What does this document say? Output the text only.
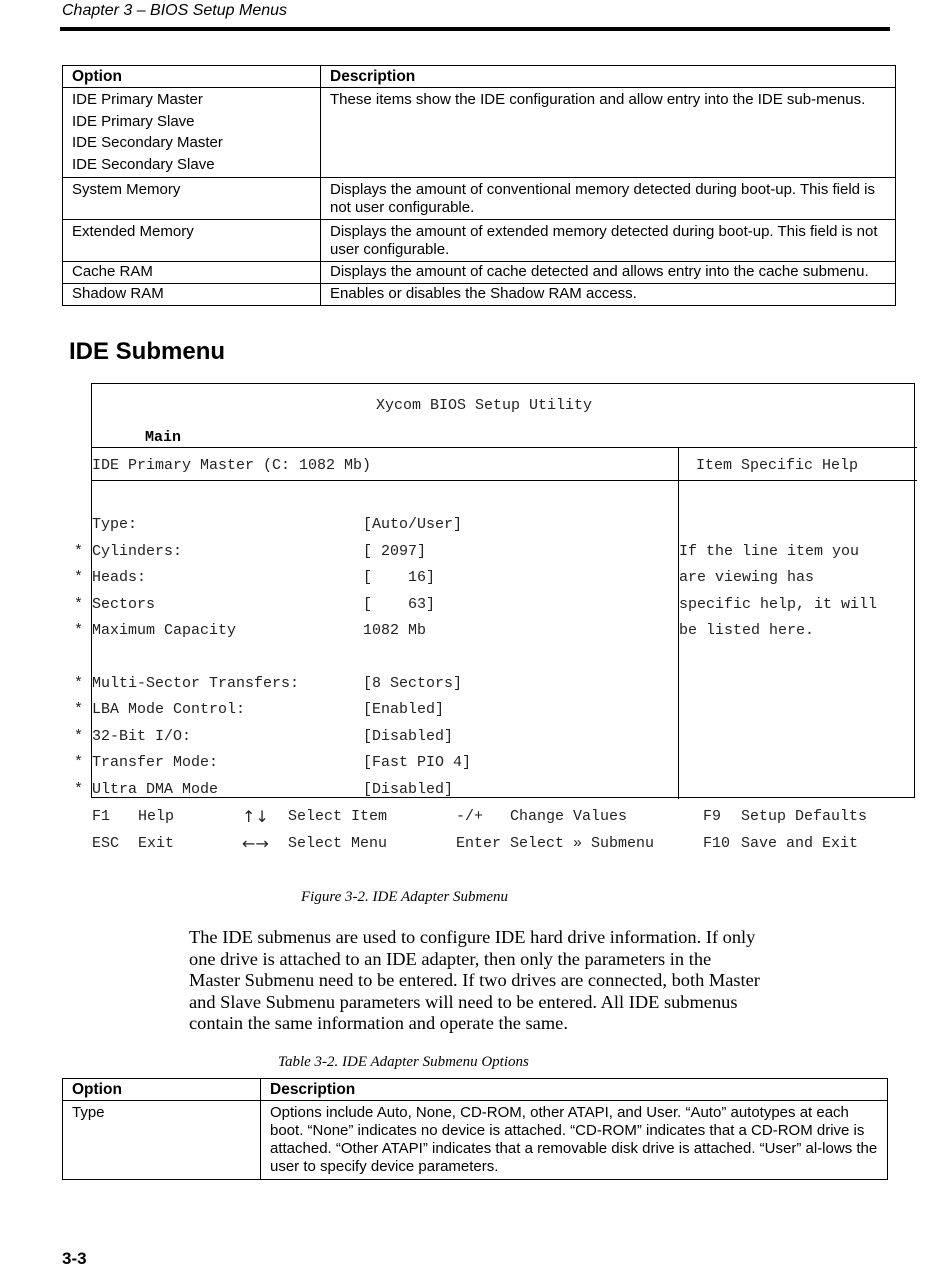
Chapter 3 – BIOS Setup Menus
Option	Description

IDE Primary Master
IDE Primary Slave
IDE Secondary Master
IDE Secondary Slave	These items show the IDE configuration and allow entry into the IDE sub-menus.
System Memory	Displays the amount of conventional memory detected during boot-up. This field is not user configurable.
Extended Memory	Displays the amount of extended memory detected during boot-up. This field is not user configurable.
Cache RAM	Displays the amount of cache detected and allows entry into the cache submenu.
Shadow RAM	Enables or disables the Shadow RAM access.
IDE Submenu
Xycom BIOS Setup Utility
Main
IDE Primary Master (C: 1082 Mb)	Item Specific Help
Type:	[Auto/User]
* Cylinders:	[ 2097]
* Heads:	[    16]
* Sectors	[    63]
* Maximum Capacity	1082 Mb
* Multi-Sector Transfers:	[8 Sectors]
* LBA Mode Control:	[Enabled]
* 32-Bit I/O:	[Disabled]
* Transfer Mode:	[Fast PIO 4]
* Ultra DMA Mode	[Disabled]
If the line item you
are viewing has
specific help, it will
be listed here.
F1 Help	↑↓ Select Item	-/+ Change Values	F9 Setup Defaults
ESC Exit	←→ Select Menu	Enter Select » Submenu	F10 Save and Exit
Figure 3-2. IDE Adapter Submenu
The IDE submenus are used to configure IDE hard drive information. If only one drive is attached to an IDE adapter, then only the parameters in the Master Submenu need to be entered. If two drives are connected, both Master and Slave Submenu parameters will need to be entered. All IDE submenus contain the same information and operate the same.
Table 3-2. IDE Adapter Submenu Options
Option	Description
Type	Options include Auto, None, CD-ROM, other ATAPI, and User. “Auto” autotypes at each boot. “None” indicates no device is attached. “CD-ROM” indicates that a CD-ROM drive is attached. “Other ATAPI” indicates that a removable disk drive is attached. “User” al-lows the user to specify device parameters.
3-3
